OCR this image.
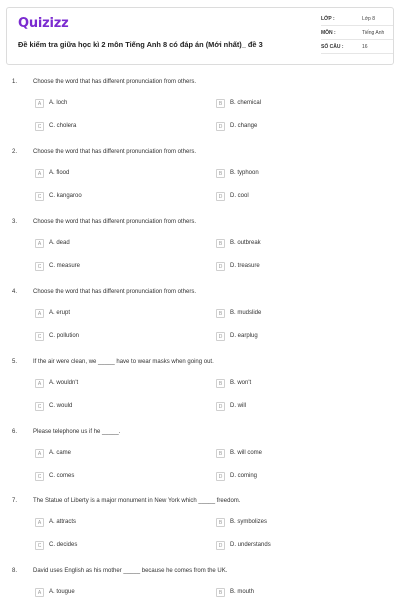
Quizizz
Đề kiểm tra giữa học kì 2 môn Tiếng Anh 8 có đáp án (Mới nhất)_ đề 3
LỚP :	Lớp 8
MÔN :	Tiếng Anh
SỐ CÂU :	16
1.	Choose the word that has different pronunciation from others.
A	A. loch	B	B. chemical
C	C. cholera	D	D. change
2.	Choose the word that has different pronunciation from others.
A	A. flood	B	B. typhoon
C	C. kangaroo	D	D. cool
3.	Choose the word that has different pronunciation from others.
A	A. dead	B	B. outbreak
C	C. measure	D	D. treasure
4.	Choose the word that has different pronunciation from others.
A	A. erupt	B	B. mudslide
C	C. pollution	D	D. earplug
5.	If the air were clean, we _____ have to wear masks when going out.
A	A. wouldn't	B	B. won't
C	C. would	D	D. will
6.	Please telephone us if he _____.
A	A. came	B	B. will come
C	C. comes	D	D. coming
7.	The Statue of Liberty is a major monument in New York which _____ freedom.
A	A. attracts	B	B. symbolizes
C	C. decides	D	D. understands
8.	David uses English as his mother _____ because he comes from the UK.
A	A. tougue	B	B. mouth
